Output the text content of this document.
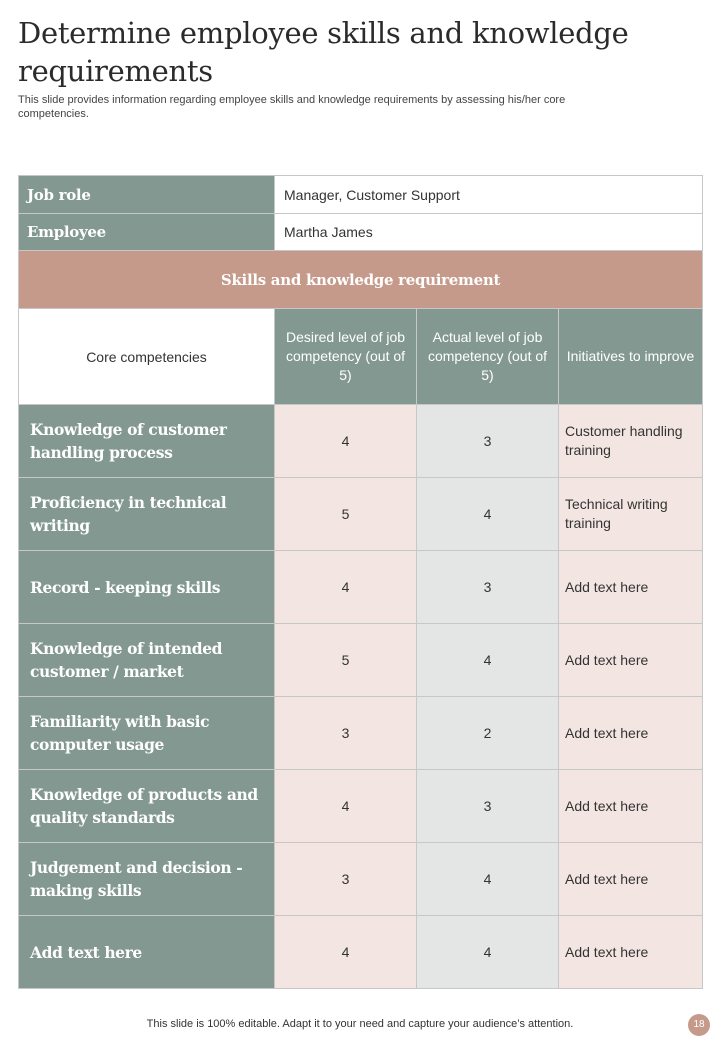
Determine employee skills and knowledge requirements

This slide provides information regarding employee skills and knowledge requirements by assessing his/her core competencies.

Job role	Manager, Customer Support		
Employee	Martha James		
Skills and knowledge requirement			
Core competencies	Desired level of job competency (out of 5)	Actual level of job competency (out of 5)	Initiatives to improve
Knowledge of customer handling process	4	3	Customer handling training
Proficiency in technical writing	5	4	Technical writing training
Record - keeping skills	4	3	Add text here
Knowledge of intended customer / market	5	4	Add text here
Familiarity with basic computer usage	3	2	Add text here
Knowledge of products and quality standards	4	3	Add text here
Judgement and decision - making skills	3	4	Add text here
Add text here	4	4	Add text here

This slide is 100% editable. Adapt it to your need and capture your audience’s attention.	18
